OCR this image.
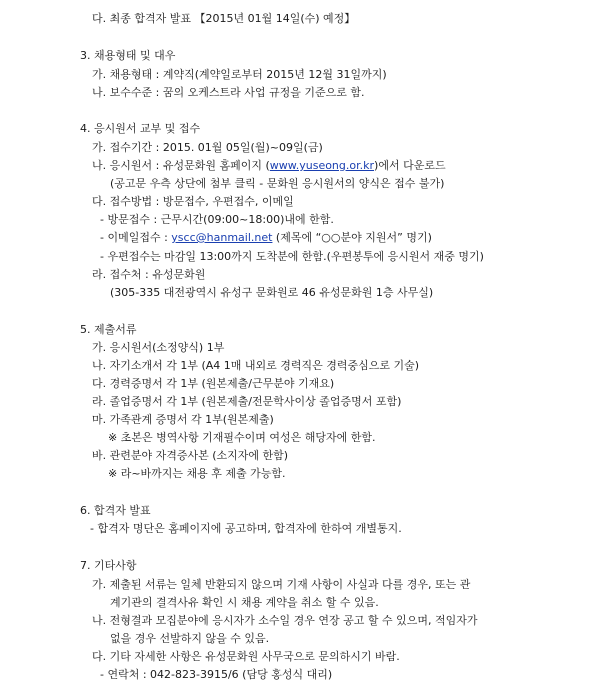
다. 최종 합격자 발표 【2015년 01월 14일(수) 예정】
3. 채용형태 및 대우
가. 채용형태 : 계약직(계약일로부터 2015년 12월 31일까지)
나. 보수수준 : 꿈의 오케스트라 사업 규정을 기준으로 함.
4. 응시원서 교부 및 접수
가. 접수기간 : 2015. 01월 05일(월)~09일(금)
나. 응시원서 : 유성문화원 홈페이지 (www.yuseong.or.kr)에서 다운로드
(공고문 우측 상단에 첨부 클릭 - 문화원 응시원서의 양식은 접수 불가)
다. 접수방법 : 방문접수, 우편접수, 이메일
- 방문접수 : 근무시간(09:00~18:00)내에 한함.
- 이메일접수 : yscc@hanmail.net (제목에 “○○분야 지원서” 명기)
- 우편접수는 마감일 13:00까지 도착분에 한함.(우편봉투에 응시원서 재중 명기)
라. 접수처 : 유성문화원
(305-335 대전광역시 유성구 문화원로 46 유성문화원 1층 사무실)
5. 제출서류
가. 응시원서(소정양식) 1부
나. 자기소개서 각 1부 (A4 1매 내외로 경력직은 경력중심으로 기술)
다. 경력증명서 각 1부 (원본제출/근무분야 기재요)
라. 졸업증명서 각 1부 (원본제출/전문학사이상 졸업증명서 포함)
마. 가족관계 증명서 각 1부(원본제출)
※ 초본은 병역사항 기재필수이며 여성은 해당자에 한함.
바. 관련분야 자격증사본 (소지자에 한함)
※ 라~바까지는 채용 후 제출 가능함.
6. 합격자 발표
- 합격자 명단은 홈페이지에 공고하며, 합격자에 한하여 개별통지.
7. 기타사항
가. 제출된 서류는 일체 반환되지 않으며 기재 사항이 사실과 다를 경우, 또는 관
계기관의 결격사유 확인 시 채용 계약을 취소 할 수 있음.
나. 전형결과 모집분야에 응시자가 소수일 경우 연장 공고 할 수 있으며, 적임자가
없을 경우 선발하지 않을 수 있음.
다. 기타 자세한 사항은 유성문화원 사무국으로 문의하시기 바람.
- 연락처 : 042-823-3915/6 (담당 홍성식 대리)
